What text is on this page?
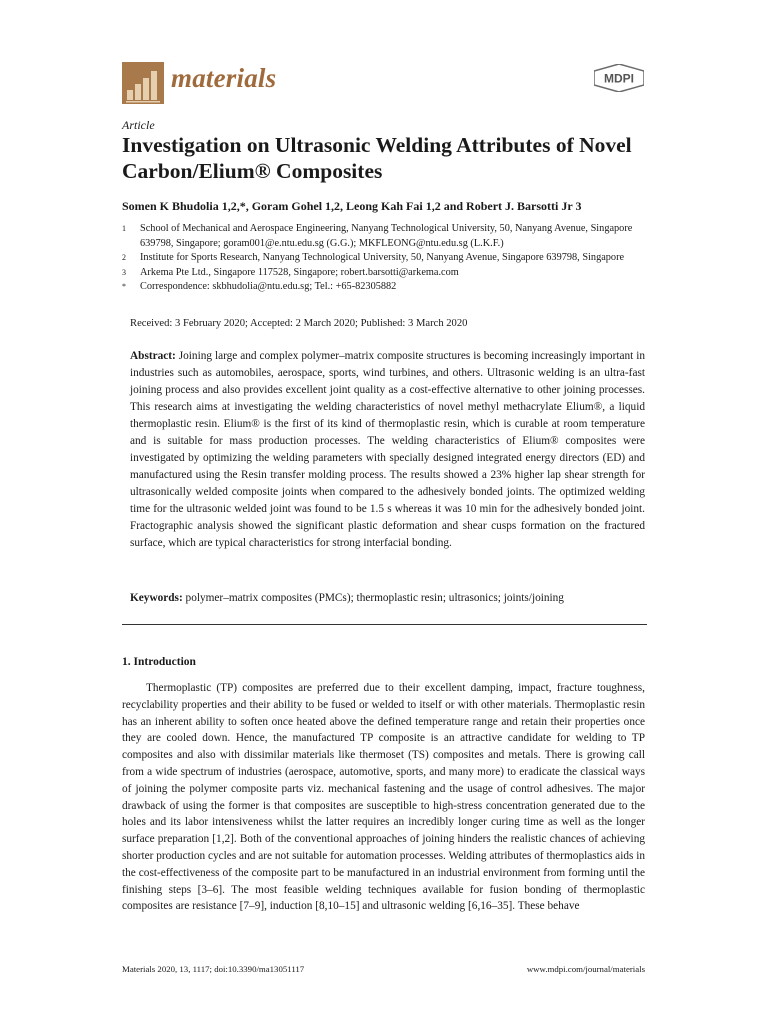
materials	MDPI
Article
Investigation on Ultrasonic Welding Attributes of Novel Carbon/Elium® Composites
Somen K Bhudolia 1,2,*, Goram Gohel 1,2, Leong Kah Fai 1,2 and Robert J. Barsotti Jr 3
1	School of Mechanical and Aerospace Engineering, Nanyang Technological University, 50, Nanyang Avenue, Singapore 639798, Singapore; goram001@e.ntu.edu.sg (G.G.); MKFLEONG@ntu.edu.sg (L.K.F.)
2	Institute for Sports Research, Nanyang Technological University, 50, Nanyang Avenue, Singapore 639798, Singapore
3	Arkema Pte Ltd., Singapore 117528, Singapore; robert.barsotti@arkema.com
*	Correspondence: skbhudolia@ntu.edu.sg; Tel.: +65-82305882
Received: 3 February 2020; Accepted: 2 March 2020; Published: 3 March 2020
Abstract: Joining large and complex polymer–matrix composite structures is becoming increasingly important in industries such as automobiles, aerospace, sports, wind turbines, and others. Ultrasonic welding is an ultra-fast joining process and also provides excellent joint quality as a cost-effective alternative to other joining processes. This research aims at investigating the welding characteristics of novel methyl methacrylate Elium®, a liquid thermoplastic resin. Elium® is the first of its kind of thermoplastic resin, which is curable at room temperature and is suitable for mass production processes. The welding characteristics of Elium® composites were investigated by optimizing the welding parameters with specially designed integrated energy directors (ED) and manufactured using the Resin transfer molding process. The results showed a 23% higher lap shear strength for ultrasonically welded composite joints when compared to the adhesively bonded joints. The optimized welding time for the ultrasonic welded joint was found to be 1.5 s whereas it was 10 min for the adhesively bonded joint. Fractographic analysis showed the significant plastic deformation and shear cusps formation on the fractured surface, which are typical characteristics for strong interfacial bonding.
Keywords: polymer–matrix composites (PMCs); thermoplastic resin; ultrasonics; joints/joining
1. Introduction
Thermoplastic (TP) composites are preferred due to their excellent damping, impact, fracture toughness, recyclability properties and their ability to be fused or welded to itself or with other materials. Thermoplastic resin has an inherent ability to soften once heated above the defined temperature range and retain their properties once they are cooled down. Hence, the manufactured TP composite is an attractive candidate for welding to TP composites and also with dissimilar materials like thermoset (TS) composites and metals. There is growing call from a wide spectrum of industries (aerospace, automotive, sports, and many more) to eradicate the classical ways of joining the polymer composite parts viz. mechanical fastening and the usage of control adhesives. The major drawback of using the former is that composites are susceptible to high-stress concentration generated due to the holes and its labor intensiveness whilst the latter requires an incredibly longer curing time as well as the longer surface preparation [1,2]. Both of the conventional approaches of joining hinders the realistic chances of achieving shorter production cycles and are not suitable for automation processes. Welding attributes of thermoplastics aids in the cost-effectiveness of the composite part to be manufactured in an industrial environment from forming until the finishing steps [3–6]. The most feasible welding techniques available for fusion bonding of thermoplastic composites are resistance [7–9], induction [8,10–15] and ultrasonic welding [6,16–35]. These behave
Materials 2020, 13, 1117; doi:10.3390/ma13051117	www.mdpi.com/journal/materials
